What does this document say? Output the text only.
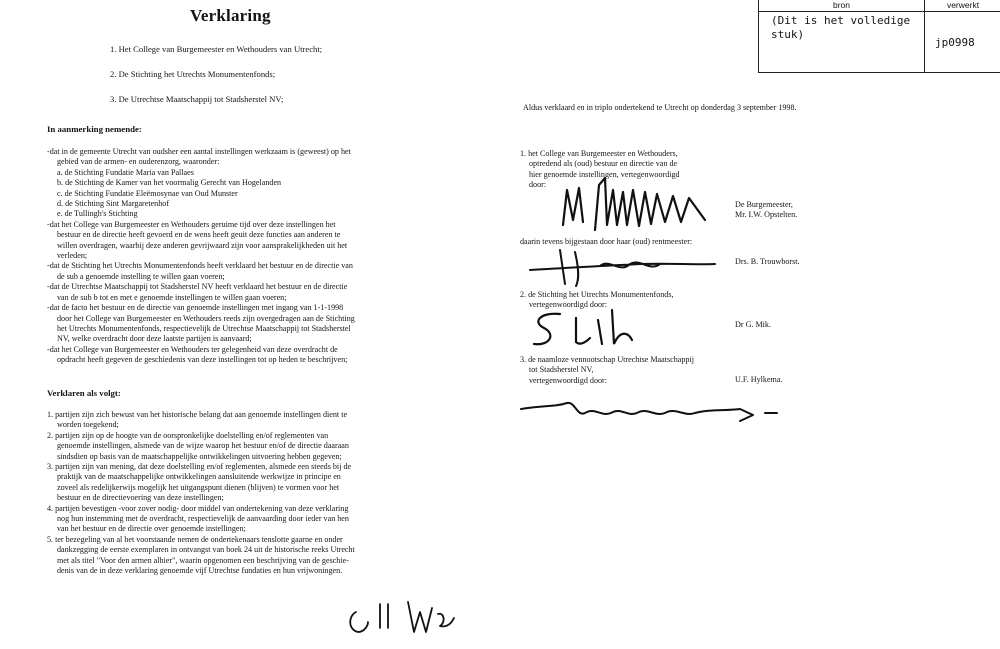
bron	verwerkt
(Dit is het volledige stuk)
jp0998
Verklaring
1. Het College van Burgemeester en Wethouders van Utrecht;
2. De Stichting het Utrechts Monumentenfonds;
3. De Utrechtse Maatschappij tot Stadsherstel NV;
In aanmerking nemende:

-dat in de gemeente Utrecht van oudsher een aantal instellingen werkzaam is (geweest) op het

gebied van de armen- en ouderenzorg, waaronder:

a. de Stichting Fundatie Maria van Pallaes

b. de Stichting de Kamer van het voormalig Gerecht van Hogelanden

c. de Stichting Fundatie Eleëmosynae van Oud Munster

d. de Stichting Sint Margaretenhof

e. de Tullingh's Stichting

-dat het College van Burgemeester en Wethouders geruime tijd over deze instellingen het

bestuur en de directie heeft gevoerd en de wens heeft geuit deze functies aan anderen te

willen overdragen, waarbij deze anderen gevrijwaard zijn voor aansprakelijkheden uit het

verleden;

-dat de Stichting het Utrechts Monumentenfonds heeft verklaard het bestuur en de directie van

de sub a genoemde instelling te willen gaan voeren;

-dat de Utrechtse Maatschappij tot Stadsherstel NV heeft verklaard het bestuur en de directie

van de sub b tot en met e genoemde instellingen te willen gaan voeren;

-dat de facto het bestuur en de directie van genoemde instellingen met ingang van 1-1-1998

door het College van Burgemeester en Wethouders reeds zijn overgedragen aan de Stichting

het Utrechts Monumentenfonds, respectievelijk de Utrechtse Maatschappij tot Stadsherstel

NV, welke overdracht door deze laatste partijen is aanvaard;

-dat het College van Burgemeester en Wethouders ter gelegenheid van deze overdracht de

opdracht heeft gegeven de geschiedenis van deze instellingen tot op heden te beschrijven;

Verklaren als volgt:

1. partijen zijn zich bewust van het historische belang dat aan genoemde instellingen dient te

worden toegekend;

2. partijen zijn op de hoogte van de oorspronkelijke doelstelling en/of reglementen van

genoemde instellingen, alsmede van de wijze waarop het bestuur en/of de directie daaraan

sindsdien op basis van de maatschappelijke ontwikkelingen uitvoering hebben gegeven;

3. partijen zijn van mening, dat deze doelstelling en/of reglementen, alsmede een steeds bij de

praktijk van de maatschappelijke ontwikkelingen aansluitende werkwijze in principe en

zoveel als redelijkerwijs mogelijk het uitgangspunt dienen (blijven) te vormen voor het

bestuur en de directievoering van deze instellingen;

4. partijen bevestigen -voor zover nodig- door middel van ondertekening van deze verklaring

nog hun instemming met de overdracht, respectievelijk de aanvaarding door ieder van hen

van het bestuur en de directie over genoemde instellingen;

5. ter bezegeling van al het voorstaande nemen de ondertekenaars tenslotte gaarne en onder

dankzegging de eerste exemplaren in ontvangst van boek 24 uit de historische reeks Utrecht

met als titel "Voor den armen alhier", waarin opgenomen een beschrijving van de geschie-

denis van de in deze verklaring genoemde vijf Utrechtse fundaties en hun vrijwoningen.

Aldus verklaard en in triplo ondertekend te Utrecht op donderdag 3 september 1998.
1. het College van Burgemeester en Wethouders,
optredend als (oud) bestuur en directie van de
hier genoemde instellingen, vertegenwoordigd
door:
daarin tevens bijgestaan door haar (oud) rentmeester:
2. de Stichting het Utrechts Monumentenfonds,
vertegenwoordigd door:
3. de naamloze vennootschap Utrechtse Maatschappij
tot Stadsherstel NV,
vertegenwoordigd door:
De Burgemeester,
Mr. I.W. Opstelten.
Drs. B. Trouwborst.
Dr G. Mik.
U.F. Hylkema.
